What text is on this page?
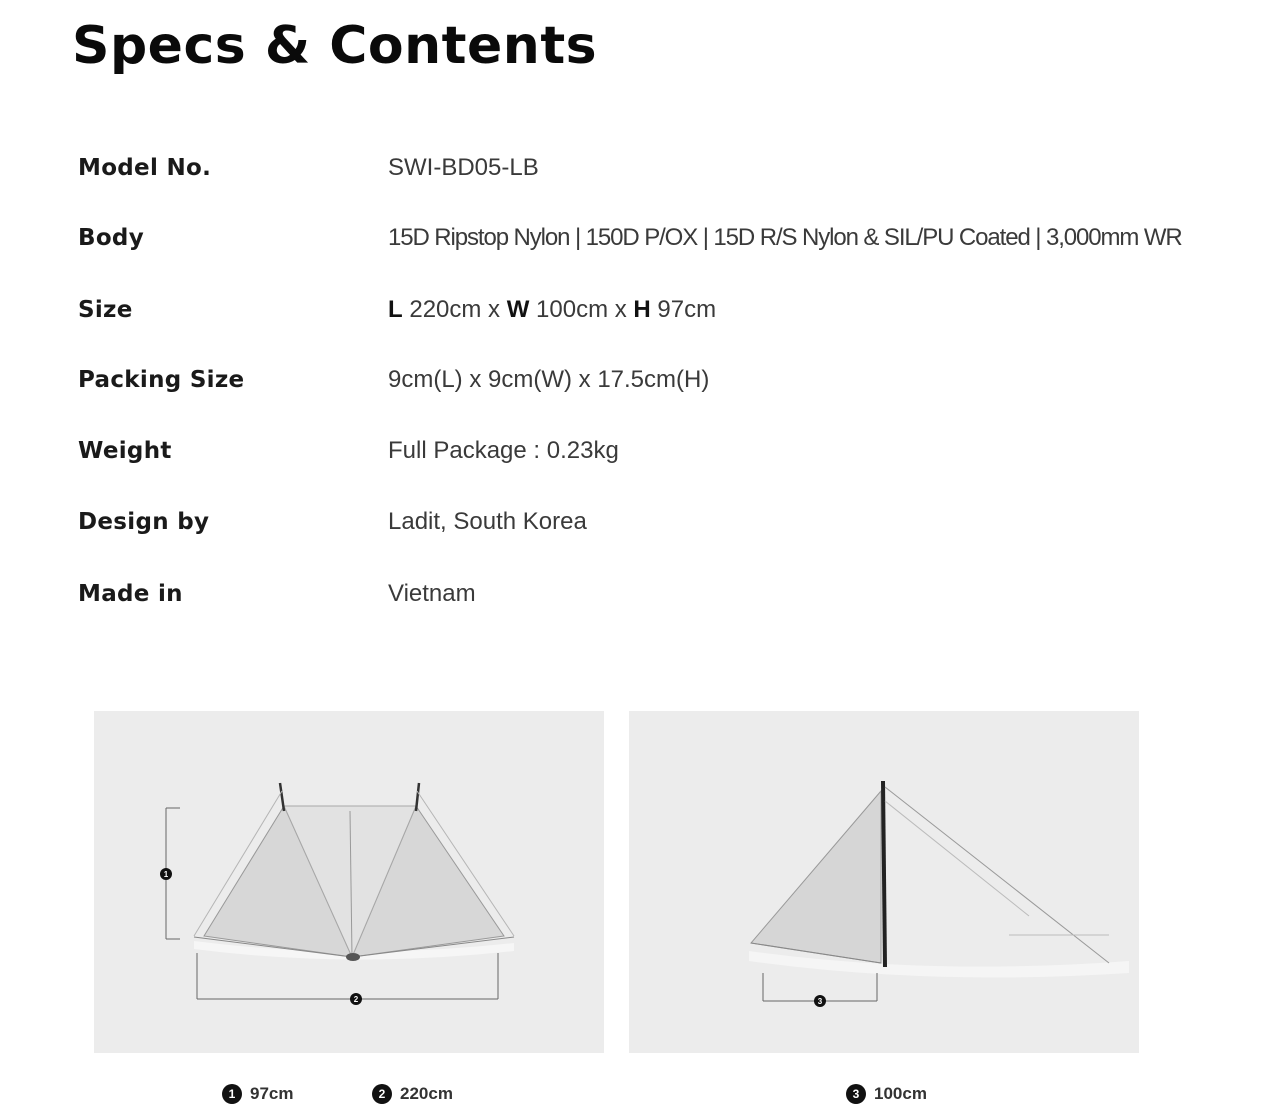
Specs & Contents
Model No.	SWI-BD05-LB
Body	15D Ripstop Nylon | 150D P/OX | 15D R/S Nylon & SIL/PU Coated | 3,000mm WR
Size	L 220cm x W 100cm x H 97cm
Packing Size	9cm(L) x 9cm(W) x 17.5cm(H)
Weight	Full Package : 0.23kg
Design by	Ladit, South Korea
Made in	Vietnam
1
2	3
1 97cm	2 220cm	3 100cm
